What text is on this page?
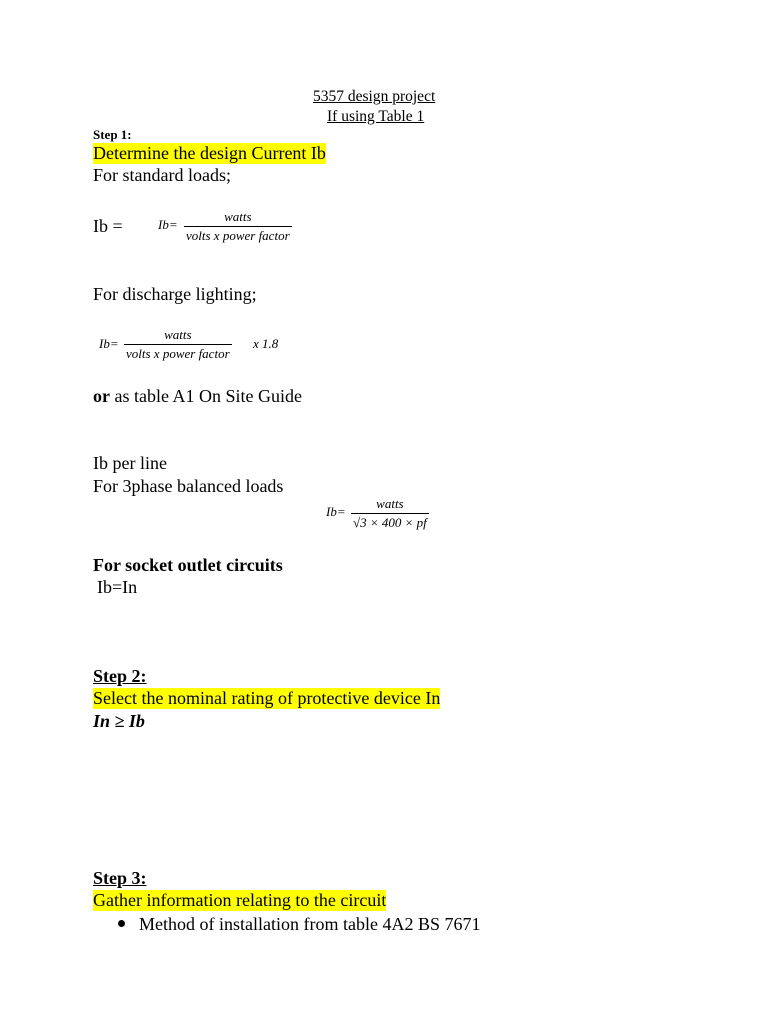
5357 design project
If using Table 1
Step 1:
Determine the design Current Ib
For standard loads;
Ib =	Ib=
watts
volts x power factor
For discharge lighting;
Ib=
watts
volts x power factor
x 1.8
or as table A1 On Site Guide
Ib per line
For 3phase balanced loads
Ib=
watts
√3 × 400 × pf
For socket outlet circuits
Ib=In
Step 2:
Select the nominal rating of protective device In
In ≥ Ib
Step 3:
Gather information relating to the circuit
Method of installation from table 4A2 BS 7671
